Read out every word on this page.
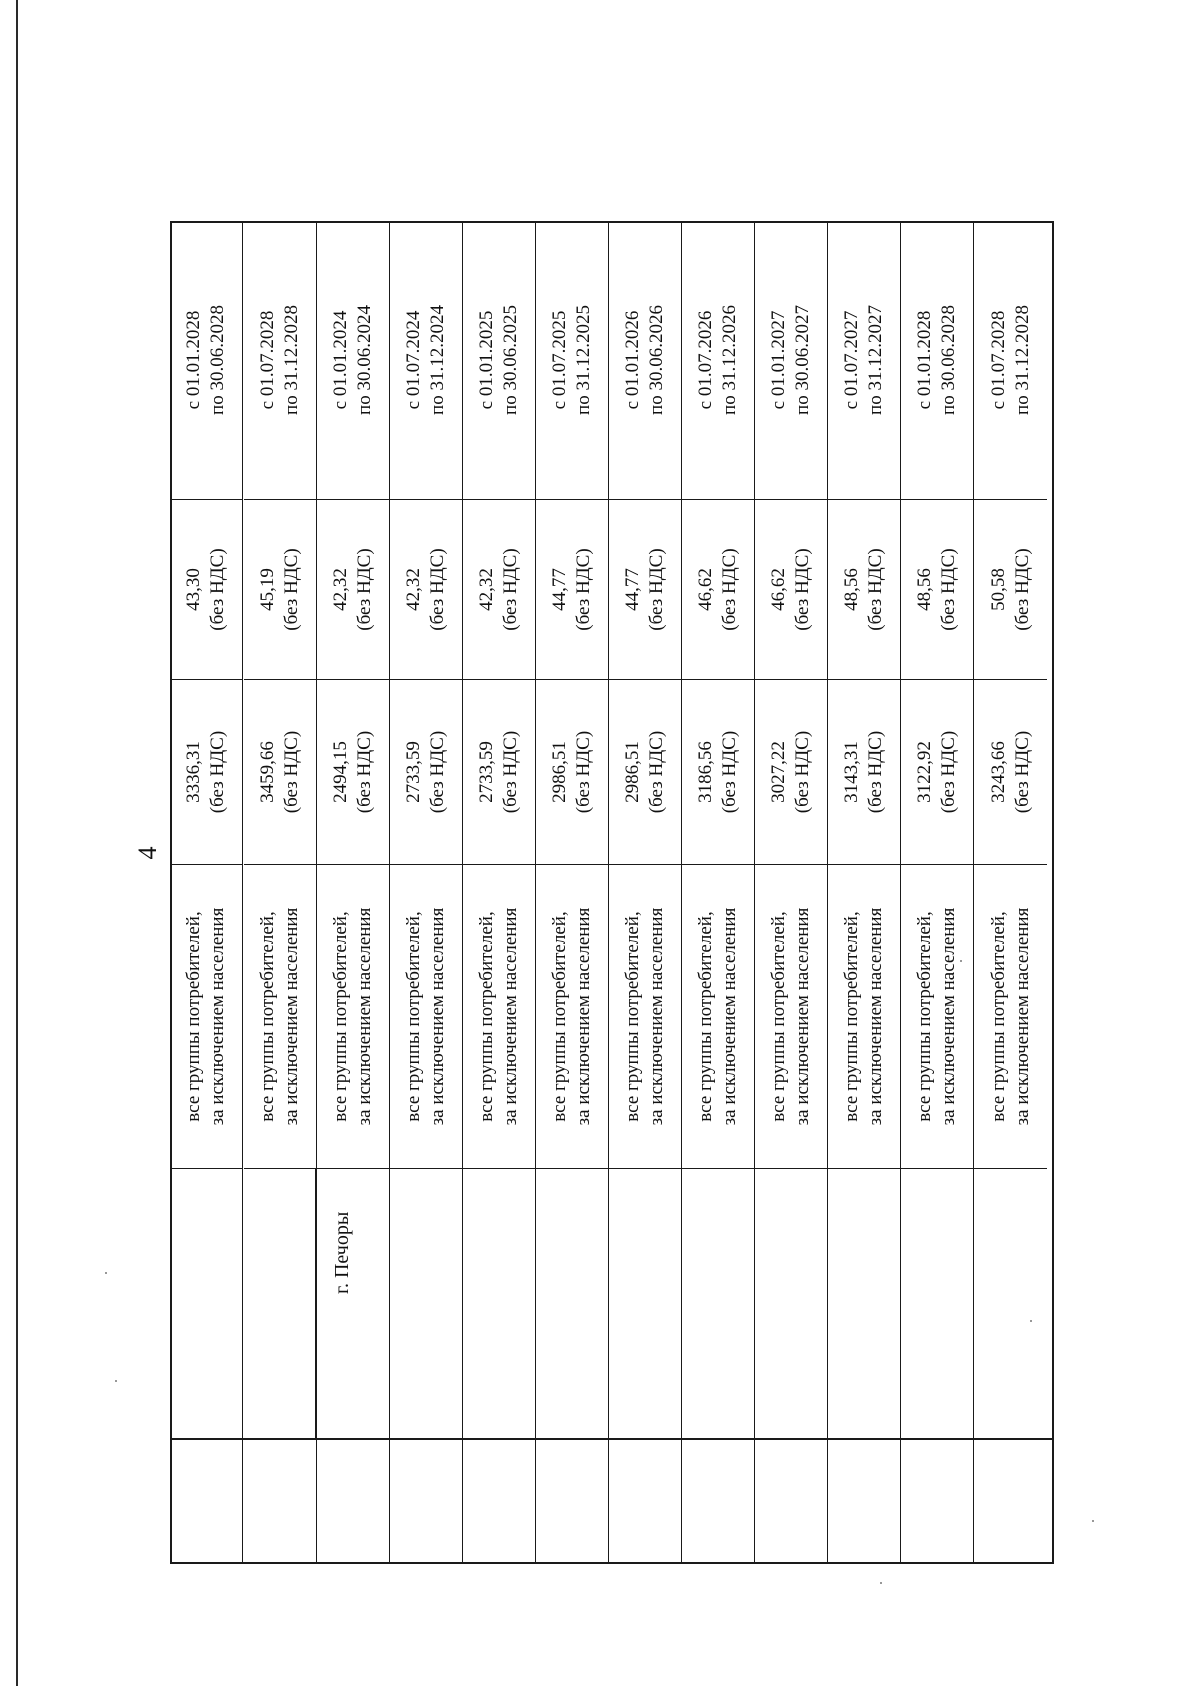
4
г. Печоры
все группы потребителей, за исключением населения
3336,31 (без НДС)
43,30 (без НДС)
с 01.01.2028 по 30.06.2028
все группы потребителей, за исключением населения
3459,66 (без НДС)
45,19 (без НДС)
с 01.07.2028 по 31.12.2028
все группы потребителей, за исключением населения
2494,15 (без НДС)
42,32 (без НДС)
с 01.01.2024 по 30.06.2024
все группы потребителей, за исключением населения
2733,59 (без НДС)
42,32 (без НДС)
с 01.07.2024 по 31.12.2024
все группы потребителей, за исключением населения
2733,59 (без НДС)
42,32 (без НДС)
с 01.01.2025 по 30.06.2025
все группы потребителей, за исключением населения
2986,51 (без НДС)
44,77 (без НДС)
с 01.07.2025 по 31.12.2025
все группы потребителей, за исключением населения
2986,51 (без НДС)
44,77 (без НДС)
с 01.01.2026 по 30.06.2026
все группы потребителей, за исключением населения
3186,56 (без НДС)
46,62 (без НДС)
с 01.07.2026 по 31.12.2026
все группы потребителей, за исключением населения
3027,22 (без НДС)
46,62 (без НДС)
с 01.01.2027 по 30.06.2027
все группы потребителей, за исключением населения
3143,31 (без НДС)
48,56 (без НДС)
с 01.07.2027 по 31.12.2027
все группы потребителей, за исключением населения
3122,92 (без НДС)
48,56 (без НДС)
с 01.01.2028 по 30.06.2028
все группы потребителей, за исключением населения
3243,66 (без НДС)
50,58 (без НДС)
с 01.07.2028 по 31.12.2028
